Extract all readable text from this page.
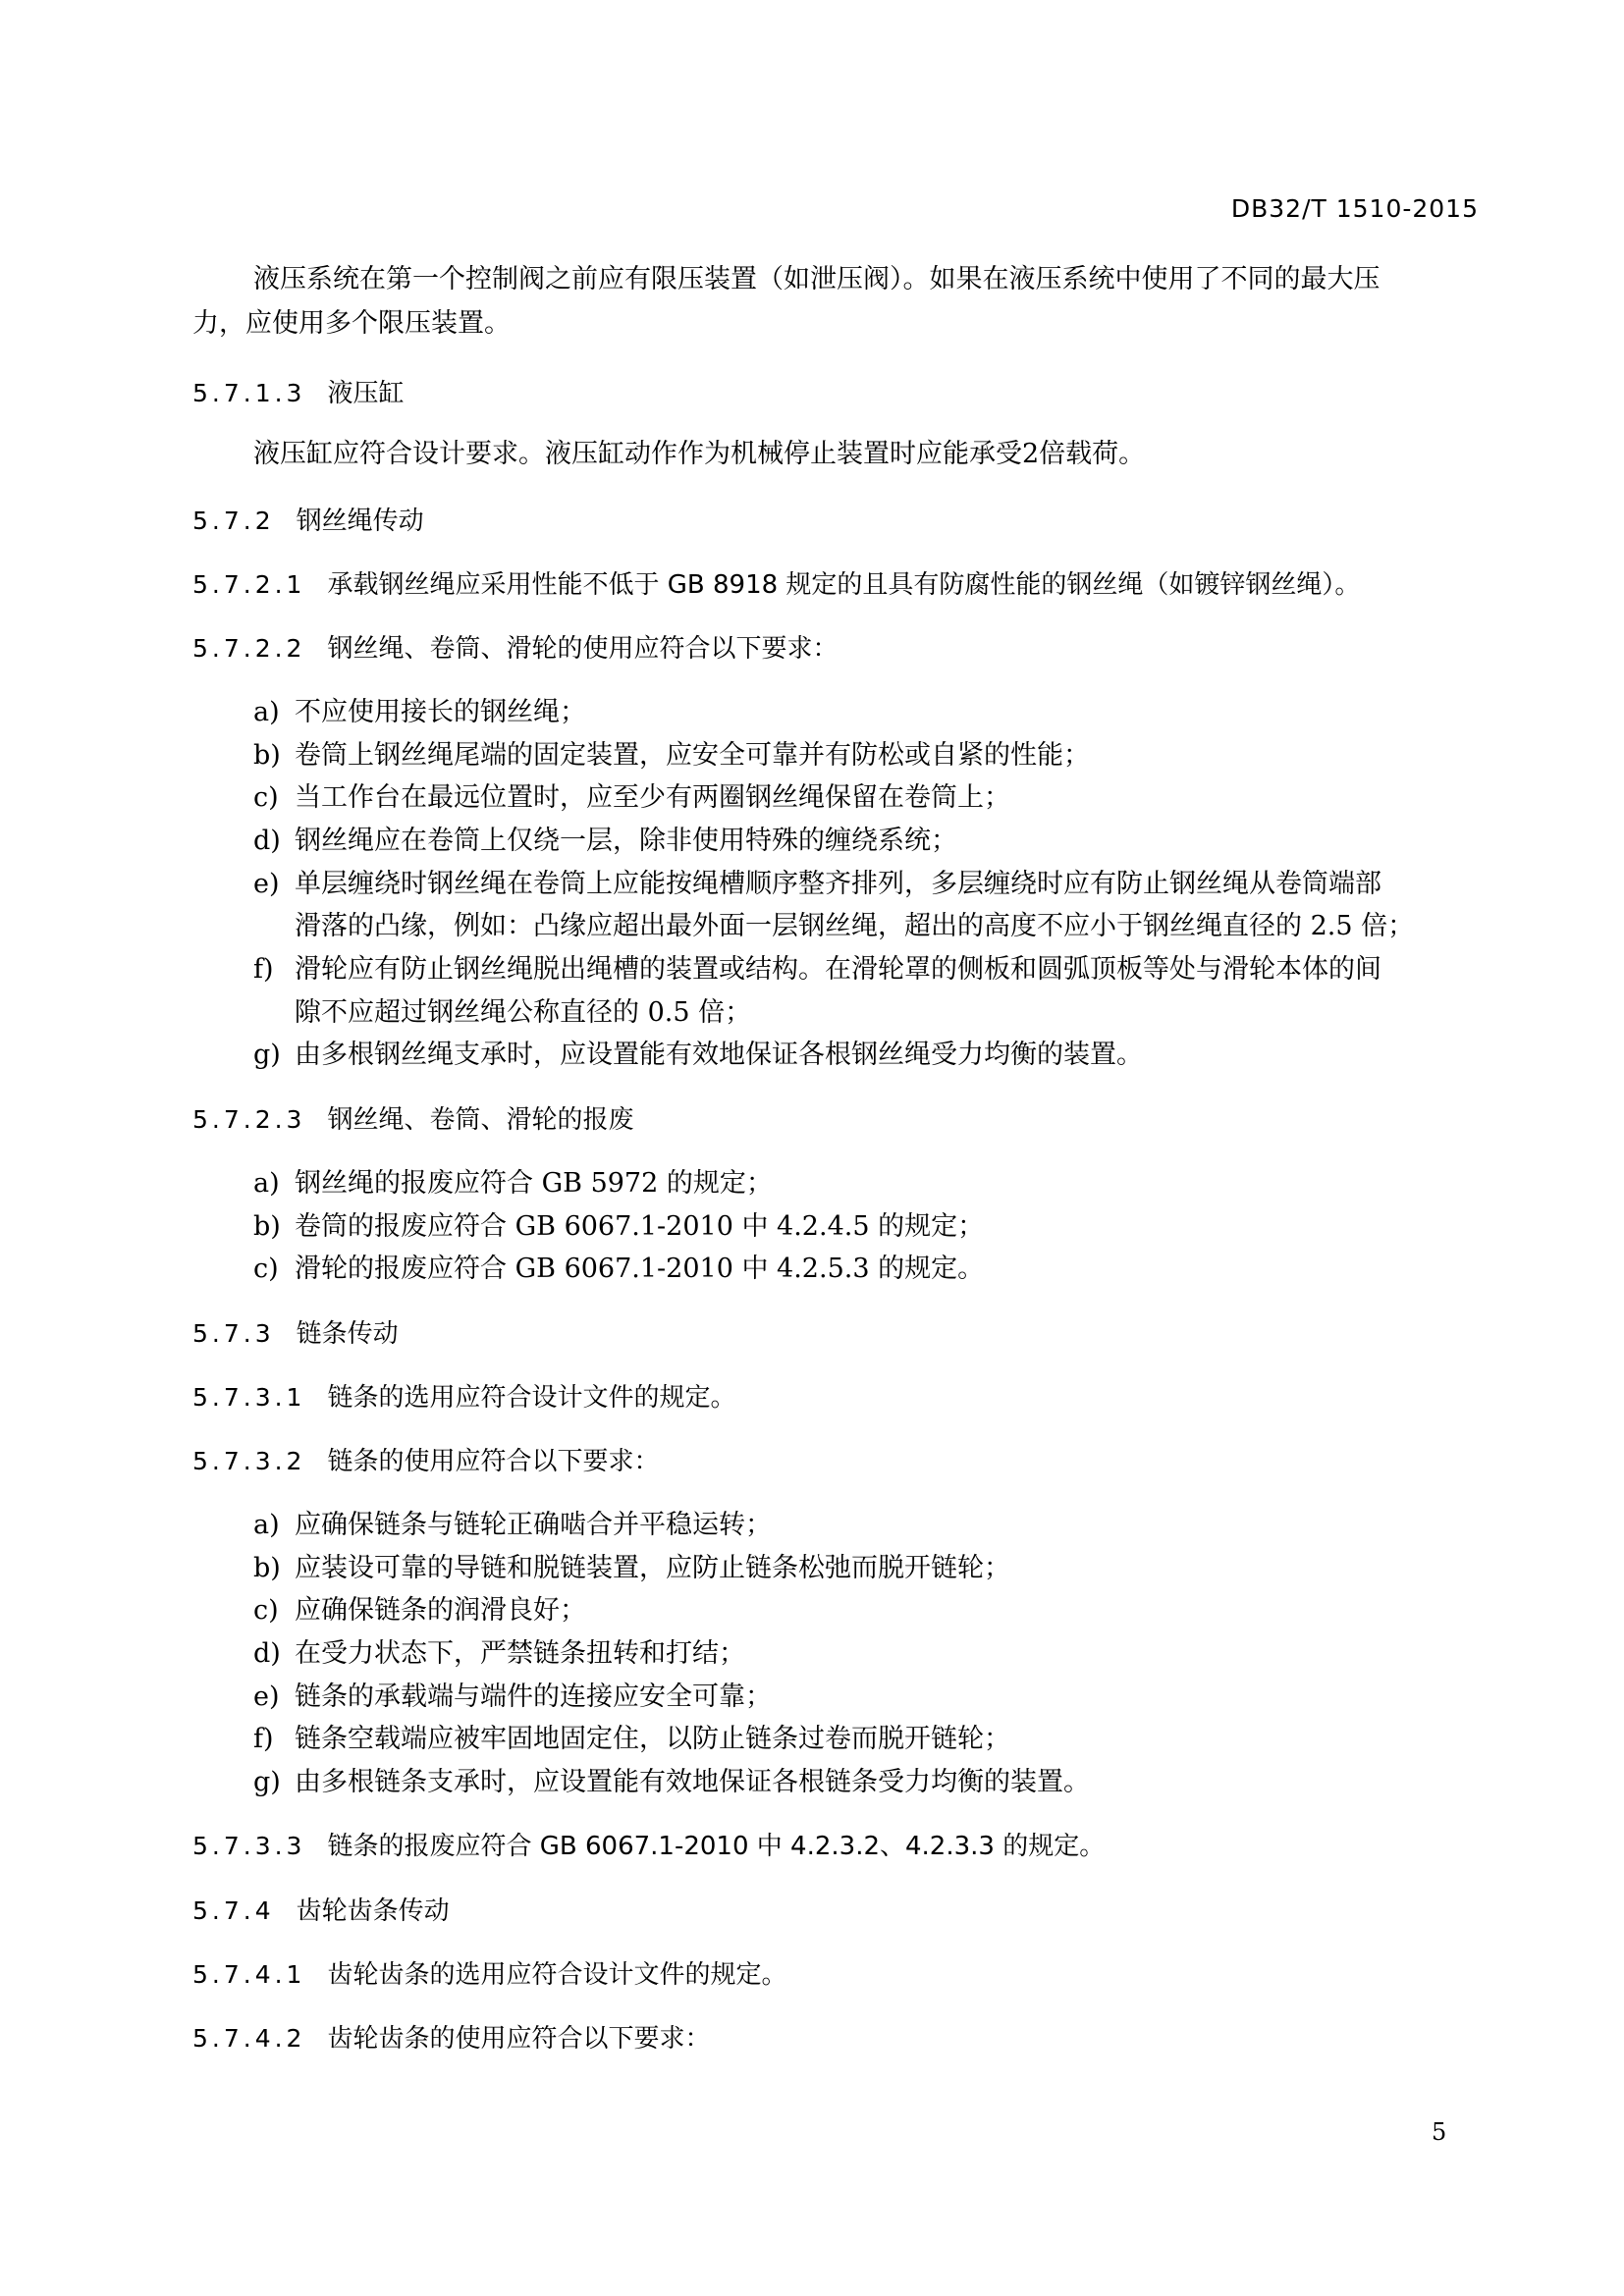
DB32/T 1510-2015
液压系统在第一个控制阀之前应有限压装置（如泄压阀）。如果在液压系统中使用了不同的最大压
力，应使用多个限压装置。
5.7.1.3 液压缸
液压缸应符合设计要求。液压缸动作作为机械停止装置时应能承受2倍载荷。
5.7.2 钢丝绳传动
5.7.2.1 承载钢丝绳应采用性能不低于 GB 8918 规定的且具有防腐性能的钢丝绳（如镀锌钢丝绳）。
5.7.2.2 钢丝绳、卷筒、滑轮的使用应符合以下要求：
a) 不应使用接长的钢丝绳；
b) 卷筒上钢丝绳尾端的固定装置，应安全可靠并有防松或自紧的性能；
c) 当工作台在最远位置时，应至少有两圈钢丝绳保留在卷筒上；
d) 钢丝绳应在卷筒上仅绕一层，除非使用特殊的缠绕系统；
e) 单层缠绕时钢丝绳在卷筒上应能按绳槽顺序整齐排列，多层缠绕时应有防止钢丝绳从卷筒端部
滑落的凸缘，例如：凸缘应超出最外面一层钢丝绳，超出的高度不应小于钢丝绳直径的 2.5 倍；
f) 滑轮应有防止钢丝绳脱出绳槽的装置或结构。在滑轮罩的侧板和圆弧顶板等处与滑轮本体的间
隙不应超过钢丝绳公称直径的 0.5 倍；
g) 由多根钢丝绳支承时，应设置能有效地保证各根钢丝绳受力均衡的装置。
5.7.2.3 钢丝绳、卷筒、滑轮的报废
a) 钢丝绳的报废应符合 GB 5972 的规定；
b) 卷筒的报废应符合 GB 6067.1-2010 中 4.2.4.5 的规定；
c) 滑轮的报废应符合 GB 6067.1-2010 中 4.2.5.3 的规定。
5.7.3 链条传动
5.7.3.1 链条的选用应符合设计文件的规定。
5.7.3.2 链条的使用应符合以下要求：
a) 应确保链条与链轮正确啮合并平稳运转；
b) 应装设可靠的导链和脱链装置，应防止链条松弛而脱开链轮；
c) 应确保链条的润滑良好；
d) 在受力状态下，严禁链条扭转和打结；
e) 链条的承载端与端件的连接应安全可靠；
f) 链条空载端应被牢固地固定住，以防止链条过卷而脱开链轮；
g) 由多根链条支承时，应设置能有效地保证各根链条受力均衡的装置。
5.7.3.3 链条的报废应符合 GB 6067.1-2010 中 4.2.3.2、4.2.3.3 的规定。
5.7.4 齿轮齿条传动
5.7.4.1 齿轮齿条的选用应符合设计文件的规定。
5.7.4.2 齿轮齿条的使用应符合以下要求：
5
